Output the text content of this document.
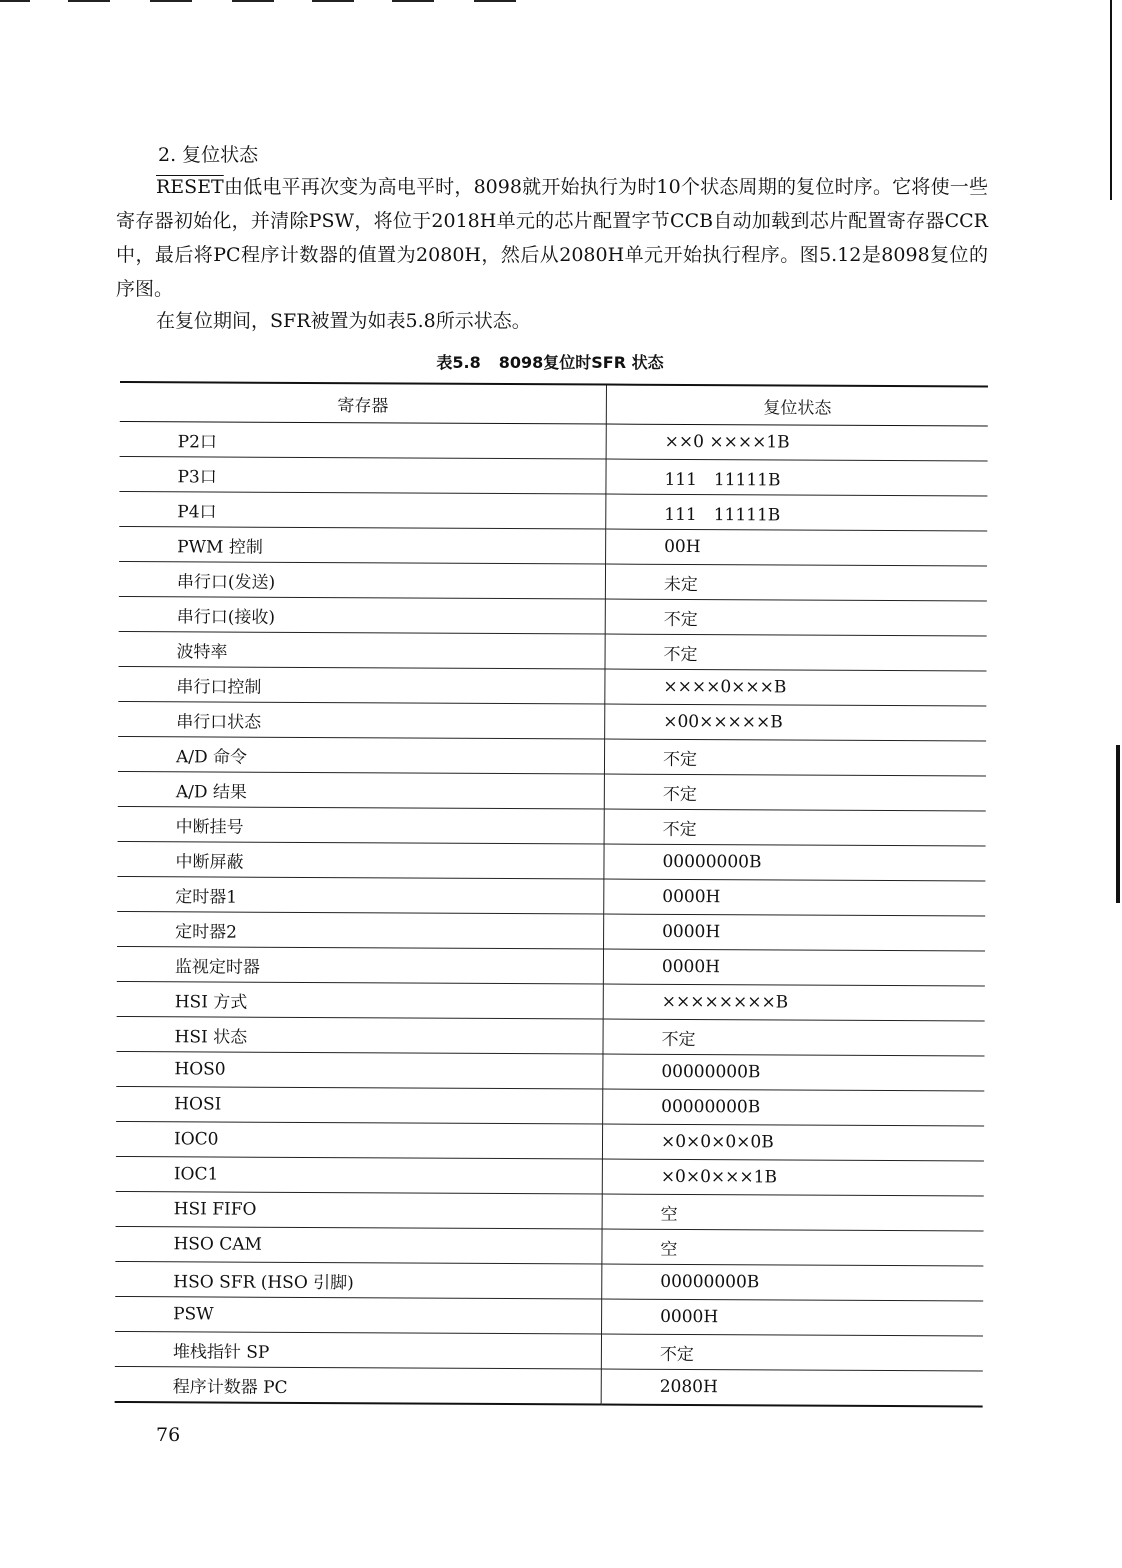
2. 复位状态

RESET由低电平再次变为高电平时，8098就开始执行为时10个状态周期的复位时序。它将使一些寄存器初始化，并清除PSW，将位于2018H单元的芯片配置字节CCB自动加载到芯片配置寄存器CCR中，最后将PC程序计数器的值置为2080H，然后从2080H单元开始执行程序。图5.12是8098复位的序图。

在复位期间，SFR被置为如表5.8所示状态。

表5.8 8098复位时SFR 状态
寄存器	复位状态
P2口	××0 ××××1B
P3口	111　11111B
P4口	111　11111B
PWM 控制	00H
串行口(发送)	未定
串行口(接收)	不定
波特率	不定
串行口控制	××××0×××B
串行口状态	×00×××××B
A/D 命令	不定
A/D 结果	不定
中断挂号	不定
中断屏蔽	00000000B
定时器1	0000H
定时器2	0000H
监视定时器	0000H
HSI 方式	××××××××B
HSI 状态	不定
HOS0	00000000B
HOSI	00000000B
IOC0	×0×0×0×0B
IOC1	×0×0×××1B
HSI FIFO	空
HSO CAM	空
HSO SFR (HSO 引脚)	00000000B
PSW	0000H
堆栈指针 SP	不定
程序计数器 PC	2080H
76
